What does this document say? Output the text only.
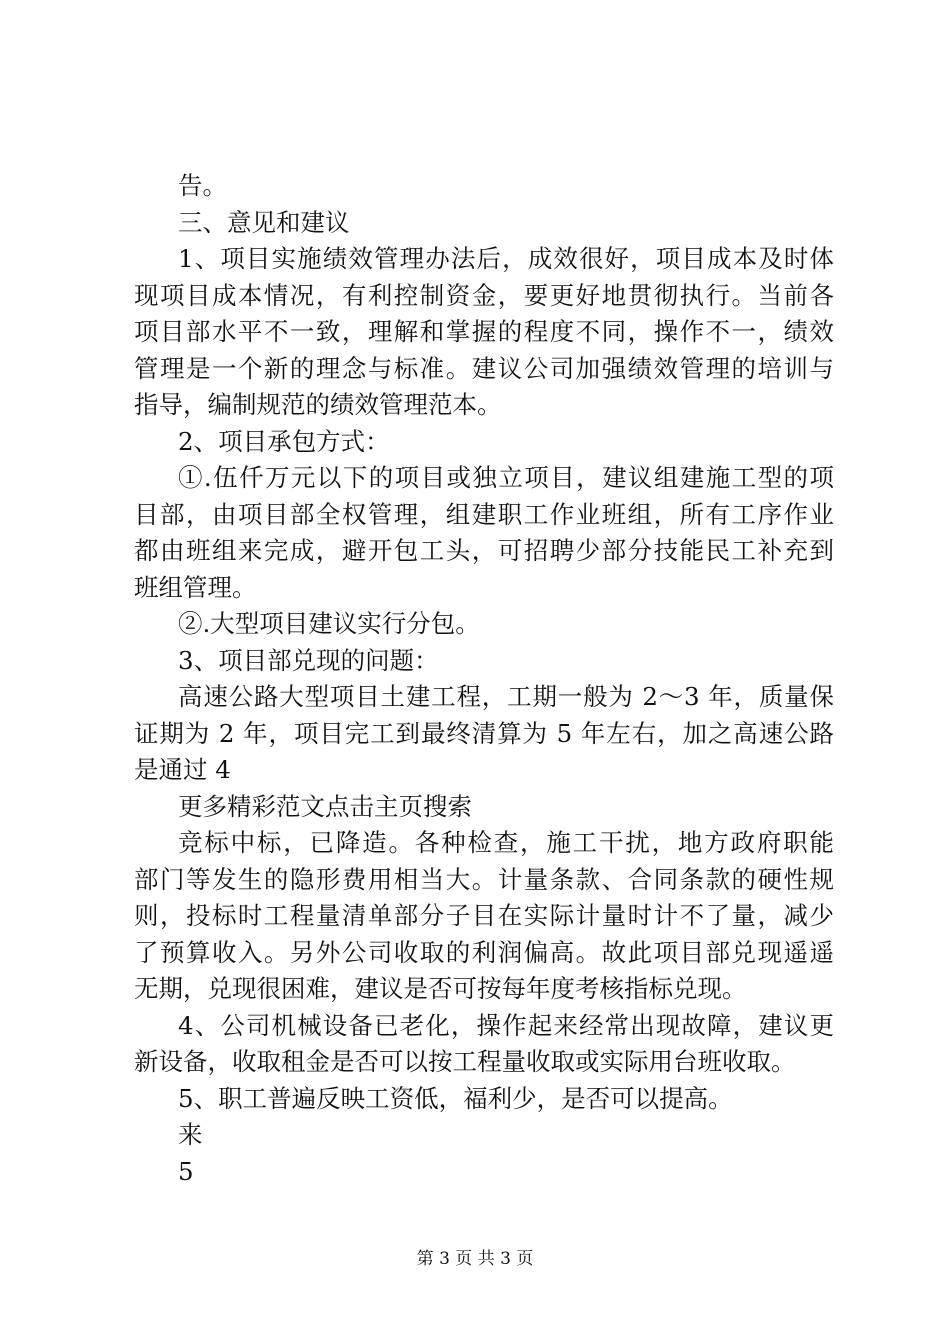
告。
三、意见和建议
1、项目实施绩效管理办法后，成效很好，项目成本及时体
现项目成本情况，有利控制资金，要更好地贯彻执行。当前各
项目部水平不一致，理解和掌握的程度不同，操作不一，绩效
管理是一个新的理念与标准。建议公司加强绩效管理的培训与
指导，编制规范的绩效管理范本。
2、项目承包方式：
①.伍仟万元以下的项目或独立项目，建议组建施工型的项
目部，由项目部全权管理，组建职工作业班组，所有工序作业
都由班组来完成，避开包工头，可招聘少部分技能民工补充到
班组管理。
②.大型项目建议实行分包。
3、项目部兑现的问题：
高速公路大型项目土建工程，工期一般为 2～3 年，质量保
证期为 2 年，项目完工到最终清算为 5 年左右，加之高速公路
是通过 4
更多精彩范文点击主页搜索
竞标中标，已降造。各种检查，施工干扰，地方政府职能
部门等发生的隐形费用相当大。计量条款、合同条款的硬性规
则，投标时工程量清单部分子目在实际计量时计不了量，减少
了预算收入。另外公司收取的利润偏高。故此项目部兑现遥遥
无期，兑现很困难，建议是否可按每年度考核指标兑现。
4、公司机械设备已老化，操作起来经常出现故障，建议更
新设备，收取租金是否可以按工程量收取或实际用台班收取。
5、职工普遍反映工资低，福利少，是否可以提高。
来
5
第 3 页 共 3 页
